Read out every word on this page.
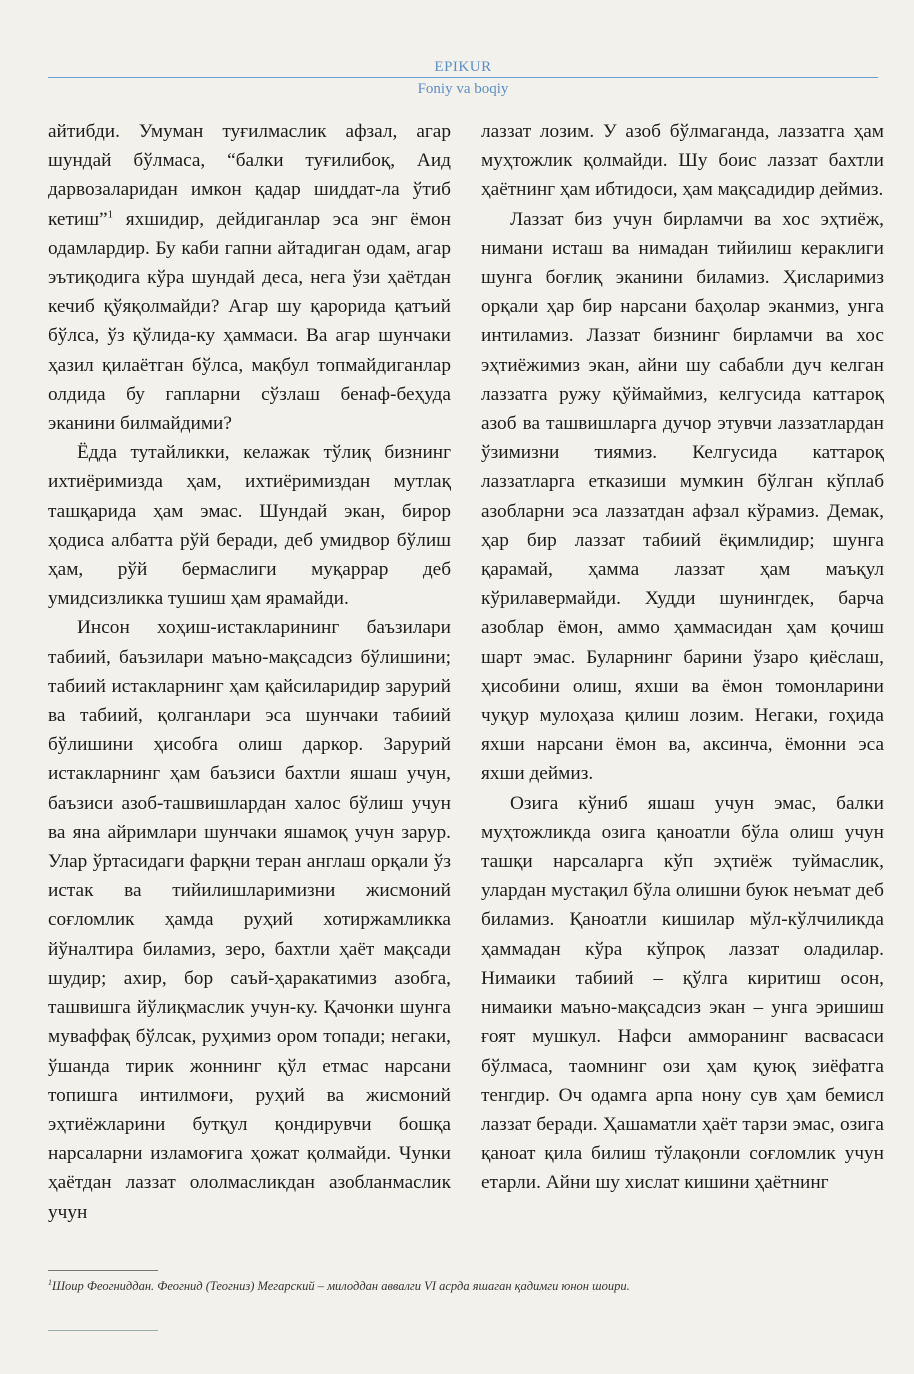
EPIKUR
Foniy va boqiy

айтибди. Умуман туғилмаслик афзал, агар шундай бўлмаса, “балки туғилибоқ, Аид дарвозаларидан имкон қадар шиддат-ла ўтиб кетиш”$^1$ яхшидир, дейдиганлар эса энг ёмон одамлардир. Бу каби гапни айтадиган одам, агар эътиқодига кўра шундай деса, нега ўзи ҳаётдан кечиб қўяқолмайди? Агар шу қарорида қатъий бўлса, ўз қўлида-ку ҳаммаси. Ва агар шунчаки ҳазил қилаётган бўлса, мақбул топмайдиганлар олдида бу гапларни сўзлаш бенаф-беҳуда эканини билмайдими?

Ёдда тутайликки, келажак тўлиқ бизнинг ихтиёримизда ҳам, ихтиёримиздан мутлақ ташқарида ҳам эмас. Шундай экан, бирор ҳодиса албатта рўй беради, деб умидвор бўлиш ҳам, рўй бермаслиги муқаррар деб умидсизликка тушиш ҳам ярамайди.

Инсон хоҳиш-истакларининг баъзилари табиий, баъзилари маъно-мақсадсиз бўлишини; табиий истакларнинг ҳам қайсиларидир зарурий ва табиий, қолганлари эса шунчаки табиий бўлишини ҳисобга олиш даркор. Зарурий истакларнинг ҳам баъзиси бахтли яшаш учун, баъзиси азоб-ташвишлардан халос бўлиш учун ва яна айримлари шунчаки яшамоқ учун зарур. Улар ўртасидаги фарқни теран англаш орқали ўз истак ва тийилишларимизни жисмоний соғломлик ҳамда руҳий хотиржамликка йўналтира биламиз, зеро, бахтли ҳаёт мақсади шудир; ахир, бор саъй-ҳаракатимиз азобга, ташвишга йўлиқмаслик учун-ку. Қачонки шунга муваффақ бўлсак, руҳимиз ором топади; негаки, ўшанда тирик жоннинг қўл етмас нарсани топишга интилмоғи, руҳий ва жисмоний эҳтиёжларини бутқул қондирувчи бошқа нарсаларни изламоғига ҳожат қолмайди. Чунки ҳаётдан лаззат ололмасликдан азобланмаслик учун

лаззат лозим. У азоб бўлмаганда, лаззатга ҳам муҳтожлик қолмайди. Шу боис лаззат бахтли ҳаётнинг ҳам ибтидоси, ҳам мақсадидир деймиз.

Лаззат биз учун бирламчи ва хос эҳтиёж, нимани исташ ва нимадан тийилиш кераклиги шунга боғлиқ эканини биламиз. Ҳисларимиз орқали ҳар бир нарсани баҳолар эканмиз, унга интиламиз. Лаззат бизнинг бирламчи ва хос эҳтиёжимиз экан, айни шу сабабли дуч келган лаззатга ружу қўймаймиз, келгусида каттароқ азоб ва ташвишларга дучор этувчи лаззатлардан ўзимизни тиямиз. Келгусида каттароқ лаззатларга етказиши мумкин бўлган кўплаб азобларни эса лаззатдан афзал кўрамиз. Демак, ҳар бир лаззат табиий ёқимлидир; шунга қарамай, ҳамма лаззат ҳам маъқул кўрилавермайди. Худди шунингдек, барча азоблар ёмон, аммо ҳаммасидан ҳам қочиш шарт эмас. Буларнинг барини ўзаро қиёслаш, ҳисобини олиш, яхши ва ёмон томонларини чуқур мулоҳаза қилиш лозим. Негаки, гоҳида яхши нарсани ёмон ва, аксинча, ёмонни эса яхши деймиз.

Озига кўниб яшаш учун эмас, балки муҳтожликда озига қаноатли бўла олиш учун ташқи нарсаларга кўп эҳтиёж туймаслик, улардан мустақил бўла олишни буюк неъмат деб биламиз. Қаноатли кишилар мўл-кўлчиликда ҳаммадан кўра кўпроқ лаззат оладилар. Нимаики табиий – қўлга киритиш осон, нимаики маъно-мақсадсиз экан – унга эришиш ғоят мушкул. Нафси амморанинг васвасаси бўлмаса, таомнинг ози ҳам қуюқ зиёфатга тенгдир. Оч одамга арпа нону сув ҳам бемисл лаззат беради. Ҳашаматли ҳаёт тарзи эмас, озига қаноат қила билиш тўлақонли соғломлик учун етарли. Айни шу хислат кишини ҳаётнинг

$^1$Шоир Феогниддан. Феогнид (Теогниз) Мегарский – милоддан аввалги VI асрда яшаган қадимги юнон шоири.
